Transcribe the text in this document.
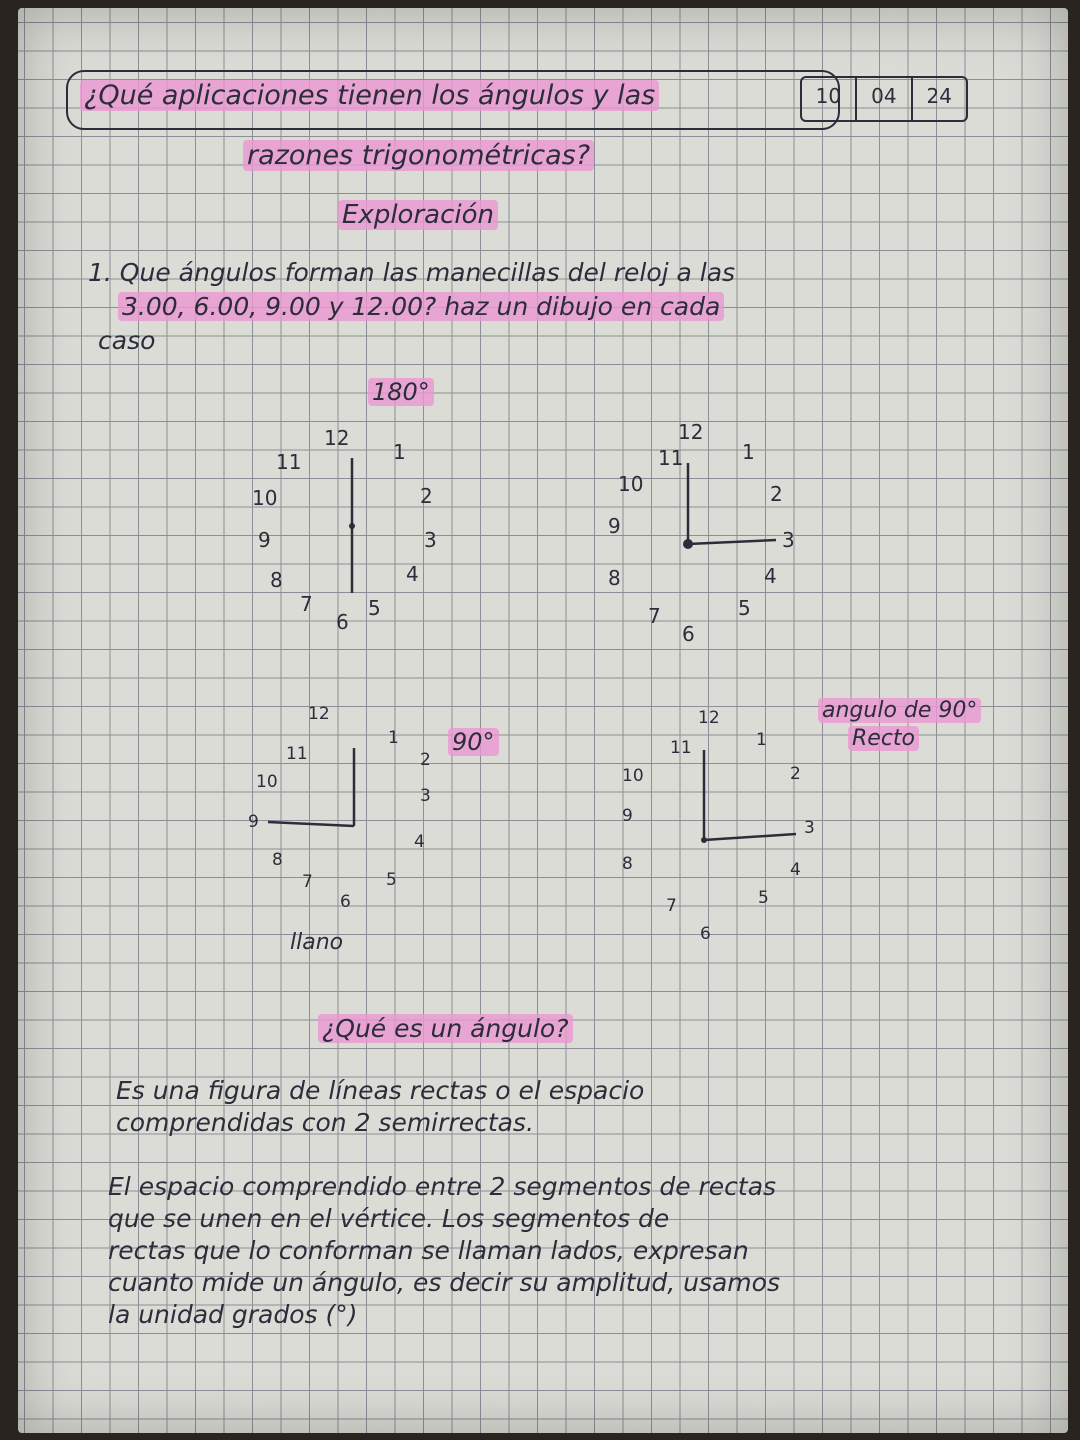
¿Qué aplicaciones tienen los ángulos y las
razones trigonométricas?
10	04	24
Exploración
1. Que ángulos forman las manecillas del reloj a las
3.00, 6.00, 9.00 y 12.00? haz un dibujo en cada
caso
180°
12
1
2
3
4
5
6
7
8
9
10
11
12
1
2
3
4
5
6
7
8
9
10
11
90°
12
1
2
3
4
5
6
7
8
9
10
11
llano
angulo de 90°
Recto
12
1
2
3
4
5
6
7
8
9
10
11
¿Qué es un ángulo?
Es una figura de líneas rectas o el espacio
comprendidas con 2 semirrectas.
El espacio comprendido entre 2 segmentos de rectas
que se unen en el vértice. Los segmentos de
rectas que lo conforman se llaman lados, expresan
cuanto mide un ángulo, es decir su amplitud, usamos
la unidad grados (°)
